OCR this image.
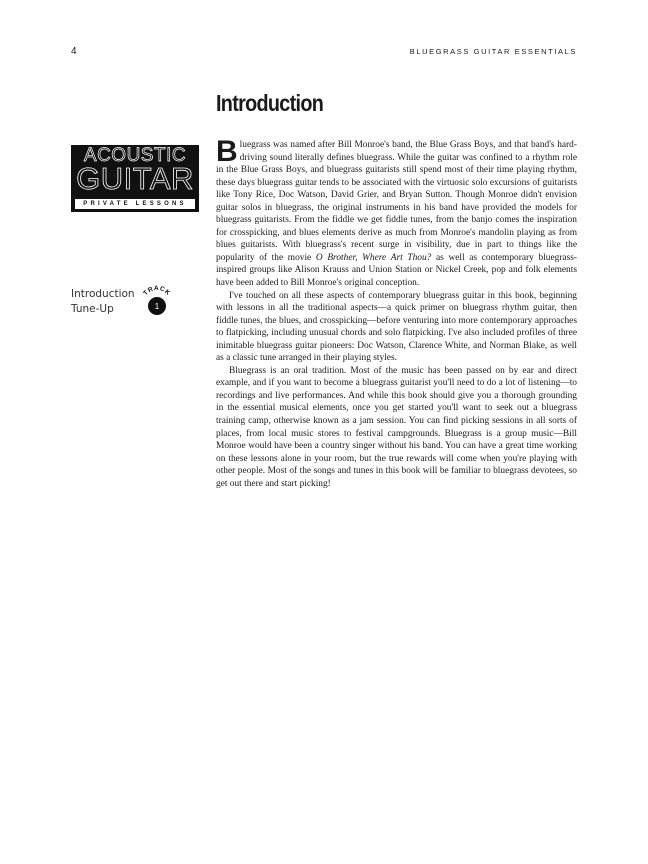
4	BLUEGRASS GUITAR ESSENTIALS
Introduction
ACOUSTIC
GUITAR
PRIVATE LESSONS
Introduction
Tune-Up
TRACK
1

Bluegrass was named after Bill Monroe's band, the Blue Grass Boys, and that band's hard-driving sound literally defines bluegrass. While the guitar was confined to a rhythm role in the Blue Grass Boys, and bluegrass guitarists still spend most of their time playing rhythm, these days bluegrass guitar tends to be associated with the virtuosic solo excursions of guitarists like Tony Rice, Doc Watson, David Grier, and Bryan Sutton. Though Monroe didn't envision guitar solos in bluegrass, the original instruments in his band have provided the models for bluegrass guitarists. From the fiddle we get fiddle tunes, from the banjo comes the inspiration for crosspicking, and blues elements derive as much from Monroe's mandolin playing as from blues guitarists. With bluegrass's recent surge in visibility, due in part to things like the popularity of the movie O Brother, Where Art Thou? as well as contemporary bluegrass-inspired groups like Alison Krauss and Union Station or Nickel Creek, pop and folk elements have been added to Bill Monroe's original conception.

I've touched on all these aspects of contemporary bluegrass guitar in this book, beginning with lessons in all the traditional aspects—a quick primer on bluegrass rhythm guitar, then fiddle tunes, the blues, and crosspicking—before venturing into more contemporary approaches to flatpicking, including unusual chords and solo flatpicking. I've also included profiles of three inimitable bluegrass guitar pioneers: Doc Watson, Clarence White, and Norman Blake, as well as a classic tune arranged in their playing styles.

Bluegrass is an oral tradition. Most of the music has been passed on by ear and direct example, and if you want to become a bluegrass guitarist you'll need to do a lot of listening—to recordings and live performances. And while this book should give you a thorough grounding in the essential musical elements, once you get started you'll want to seek out a bluegrass training camp, otherwise known as a jam session. You can find picking sessions in all sorts of places, from local music stores to festival campgrounds. Bluegrass is a group music—Bill Monroe would have been a country singer without his band. You can have a great time working on these lessons alone in your room, but the true rewards will come when you're playing with other people. Most of the songs and tunes in this book will be familiar to bluegrass devotees, so get out there and start picking!
